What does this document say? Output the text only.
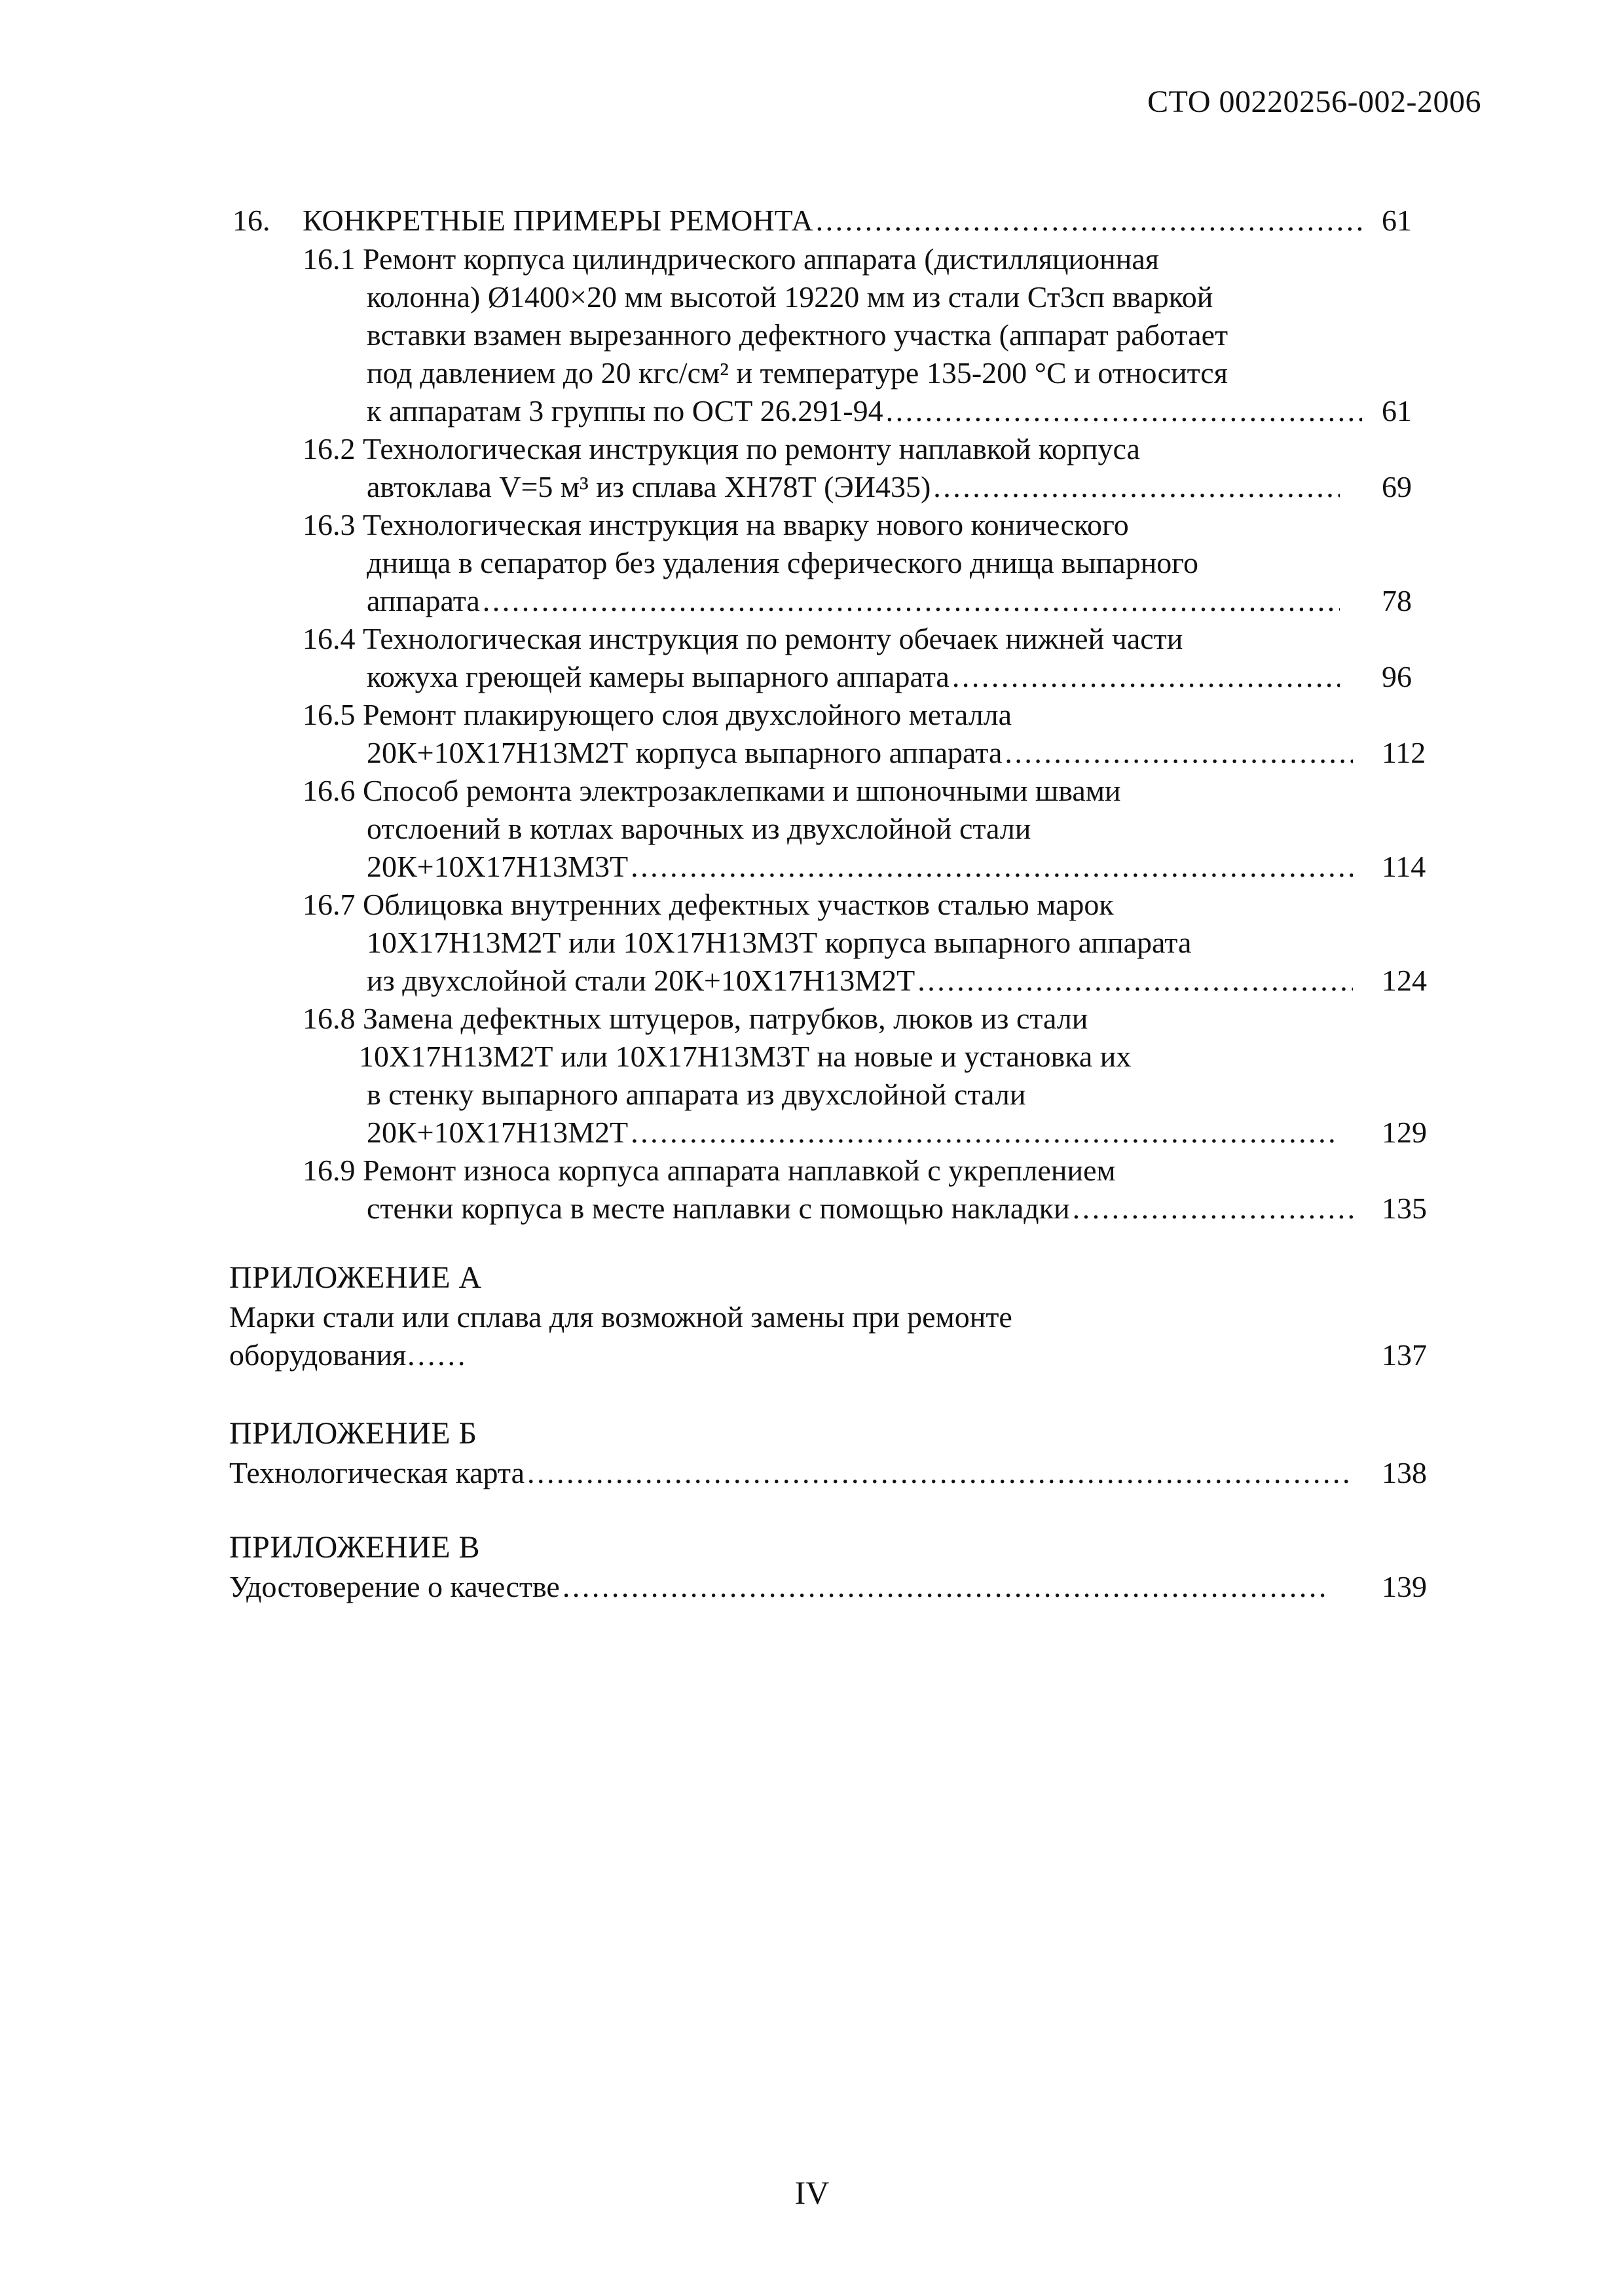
СТО 00220256-002-2006
16.	КОНКРЕТНЫЕ ПРИМЕРЫ РЕМОНТА . . .	61
16.1 Ремонт корпуса цилиндрического аппарата (дистилляционная
колонна) Ø1400×20 мм высотой 19220 мм из стали Ст3сп вваркой
вставки взамен вырезанного дефектного участка (аппарат работает
под давлением до 20 кгс/см² и температуре 135-200 °С и относится
к аппаратам 3 группы по ОСТ 26.291-94 . . .	61
16.2 Технологическая инструкция по ремонту наплавкой корпуса
автоклава V=5 м³ из сплава ХН78Т (ЭИ435) . . .	69
16.3 Технологическая инструкция на вварку нового конического
днища в сепаратор без удаления сферического днища выпарного
аппарата . . .	78
16.4 Технологическая инструкция по ремонту обечаек нижней части
кожуха греющей камеры выпарного аппарата . . .	96
16.5 Ремонт плакирующего слоя двухслойного металла
20К+10Х17Н13М2Т корпуса выпарного аппарата . . .	112
16.6 Способ ремонта электрозаклепками и шпоночными швами
отслоений в котлах варочных из двухслойной стали
20К+10Х17Н13М3Т . . .	114
16.7 Облицовка внутренних дефектных участков сталью марок
10Х17Н13М2Т или 10Х17Н13М3Т корпуса выпарного аппарата
из двухслойной стали 20К+10Х17Н13М2Т . . .	124
16.8 Замена дефектных штуцеров, патрубков, люков из стали
10Х17Н13М2Т или 10Х17Н13М3Т на новые и установка их
в стенку выпарного аппарата из двухслойной стали
20К+10Х17Н13М2Т . . .	129
16.9 Ремонт износа корпуса аппарата наплавкой с укреплением
стенки корпуса в месте наплавки с помощью накладки . . .	135
ПРИЛОЖЕНИЕ А
Марки стали или сплава для возможной замены при ремонте
оборудования……	137
ПРИЛОЖЕНИЕ Б
Технологическая карта . . .	138
ПРИЛОЖЕНИЕ В
Удостоверение о качестве . . .	139
IV
